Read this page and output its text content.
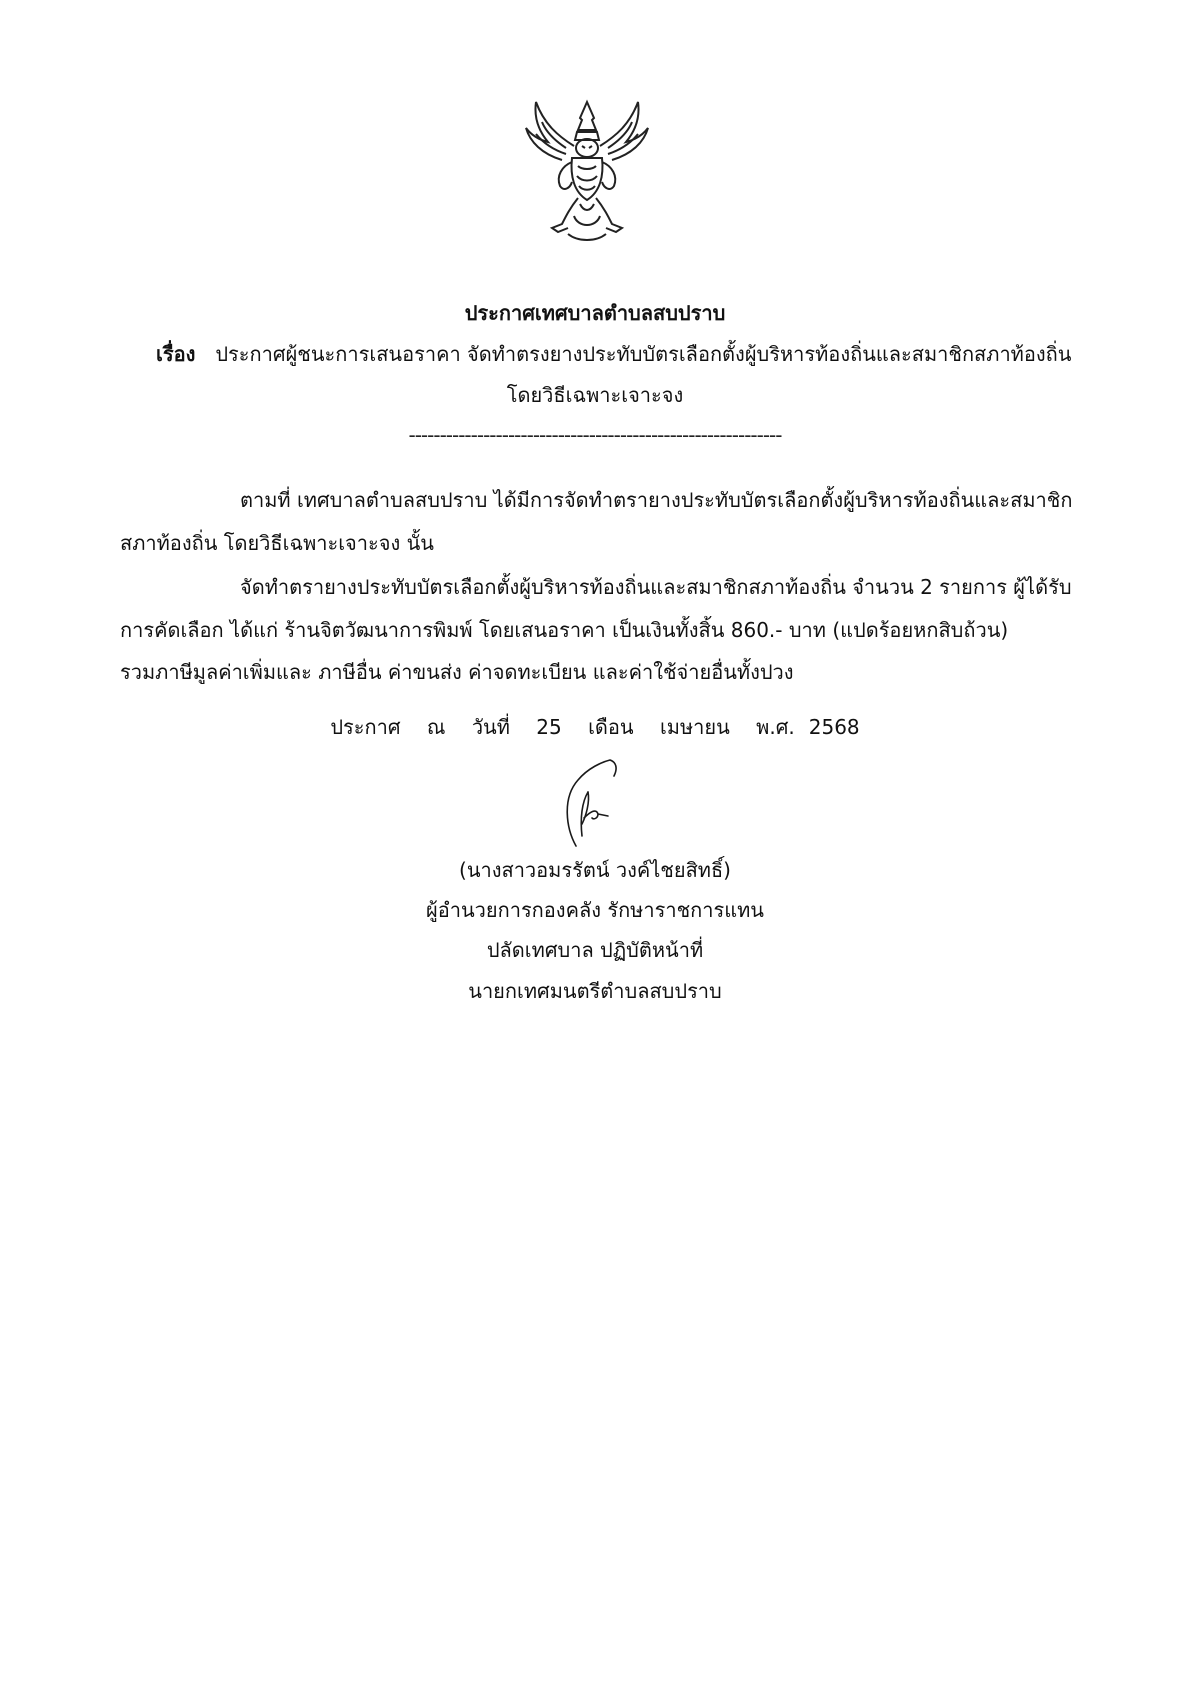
ประกาศเทศบาลตำบลสบปราบ
เรื่อง ประกาศผู้ชนะการเสนอราคา จัดทำตรงยางประทับบัตรเลือกตั้งผู้บริหารท้องถิ่นและสมาชิกสภาท้องถิ่น
โดยวิธีเฉพาะเจาะจง
------------------------------------------------------------
ตามที่ เทศบาลตำบลสบปราบ ได้มีการจัดทำตรายางประทับบัตรเลือกตั้งผู้บริหารท้องถิ่นและสมาชิก
สภาท้องถิ่น โดยวิธีเฉพาะเจาะจง นั้น
จัดทำตรายางประทับบัตรเลือกตั้งผู้บริหารท้องถิ่นและสมาชิกสภาท้องถิ่น จำนวน 2 รายการ ผู้ได้รับ
การคัดเลือก ได้แก่ ร้านจิตวัฒนาการพิมพ์ โดยเสนอราคา เป็นเงินทั้งสิ้น 860.- บาท (แปดร้อยหกสิบถ้วน)
รวมภาษีมูลค่าเพิ่มและ ภาษีอื่น ค่าขนส่ง ค่าจดทะเบียน และค่าใช้จ่ายอื่นทั้งปวง
ประกาศ ณ วันที่ 25 เดือน เมษายน พ.ศ. 2568
(นางสาวอมรรัตน์ วงค์ไชยสิทธิ์)
ผู้อำนวยการกองคลัง รักษาราชการแทน
ปลัดเทศบาล ปฏิบัติหน้าที่
นายกเทศมนตรีตำบลสบปราบ
